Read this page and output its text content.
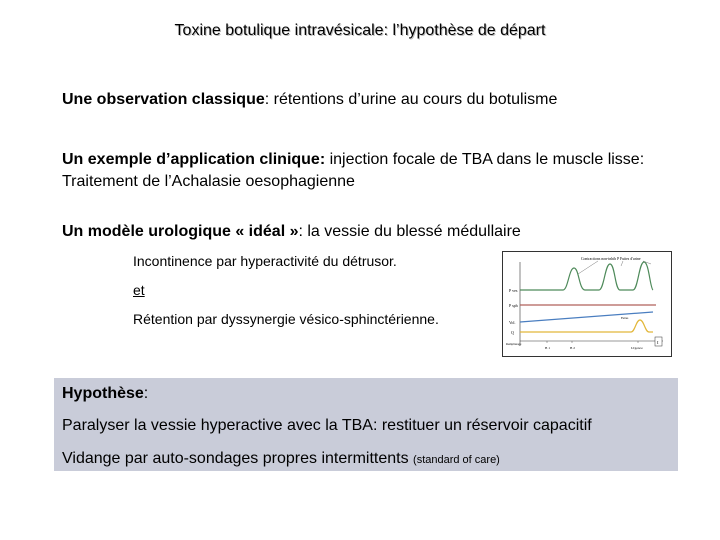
Toxine botulique intravésicale: l’hypothèse de départ
Une observation classique: rétentions d’urine au cours du botulisme
Un exemple d’application clinique: injection focale de TBA dans le muscle lisse: Traitement de l’Achalasie oesophagienne
Un modèle urologique « idéal »: la vessie du blessé médullaire
Incontinence par hyperactivité du détrusor.
et
Rétention par dyssynergie vésico-sphinctérienne.
Contractions non-inhib P Fuites d'urine
P ves
P sph
Vol.
Q
Remplissage
Fuites
B 1	B 2	Urgence
t
Hypothèse:
Paralyser la vessie hyperactive avec la TBA: restituer un réservoir capacitif
Vidange par auto-sondages propres intermittents (standard of care)
